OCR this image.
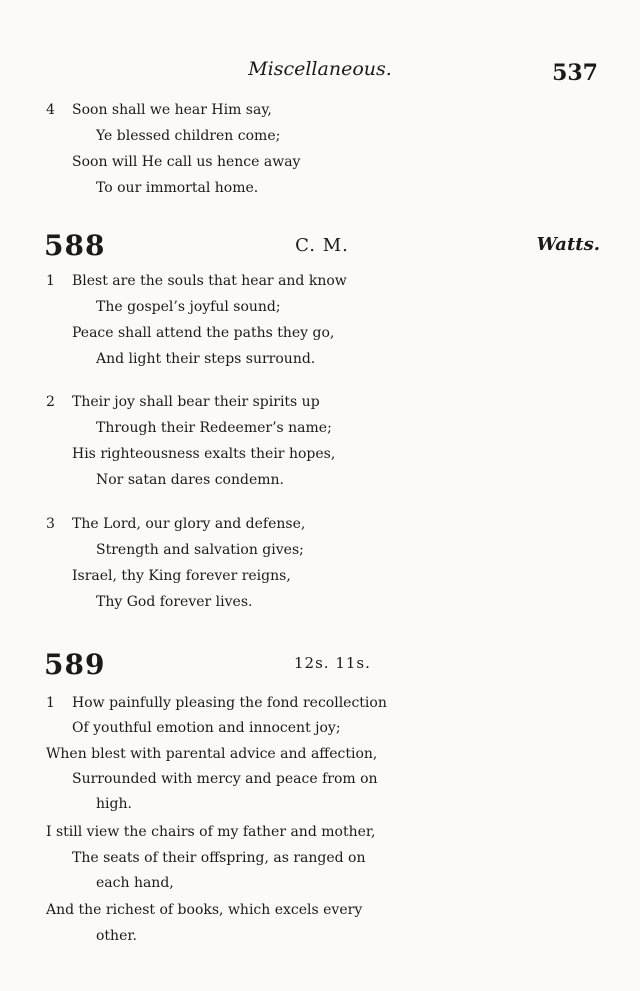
Miscellaneous.	537
4 Soon shall we hear Him say,
Ye blessed children come;
Soon will He call us hence away
To our immortal home.
588	C. M.	Watts.
1 Blest are the souls that hear and know
The gospel’s joyful sound;
Peace shall attend the paths they go,
And light their steps surround.
2 Their joy shall bear their spirits up
Through their Redeemer’s name;
His righteousness exalts their hopes,
Nor satan dares condemn.
3 The Lord, our glory and defense,
Strength and salvation gives;
Israel, thy King forever reigns,
Thy God forever lives.
589	12s. 11s.
1 How painfully pleasing the fond recollection
Of youthful emotion and innocent joy;
When blest with parental advice and affection,
Surrounded with mercy and peace from on
high.
I still view the chairs of my father and mother,
The seats of their offspring, as ranged on
each hand,
And the richest of books, which excels every
other.
